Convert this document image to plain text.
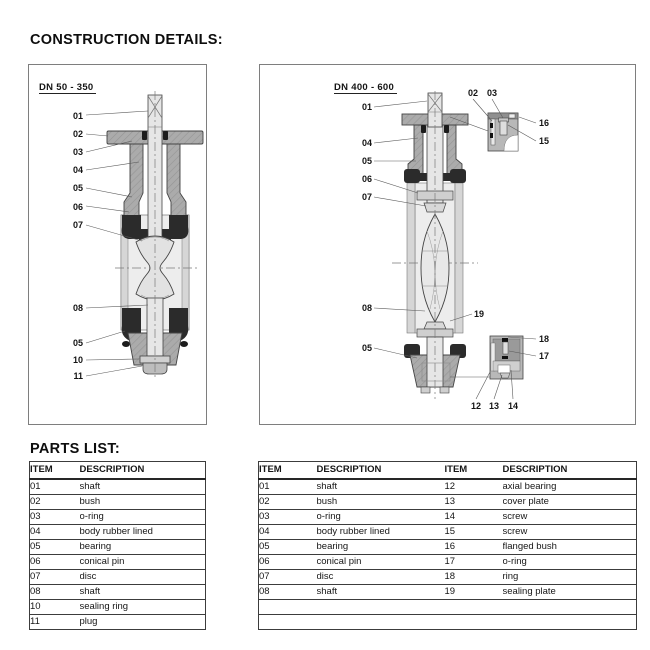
CONSTRUCTION DETAILS:
PARTS LIST:
DN 50 - 350
01
02
03
04
05
06
07
08
05
10
11
DN 400 - 600	02 03
16
15
18
17
12 13 14
01
04
05
06
07
08
05
19
ITEM	DESCRIPTION
01	shaft
02	bush
03	o-ring
04	body rubber lined
05	bearing
06	conical pin
07	disc
08	shaft
10	sealing ring
11	plug
ITEM	DESCRIPTION	ITEM	DESCRIPTION
01	shaft	12	axial bearing
02	bush	13	cover plate
03	o-ring	14	screw
04	body rubber lined	15	screw
05	bearing	16	flanged bush
06	conical pin	17	o-ring
07	disc	18	ring
08	shaft	19	sealing plate
